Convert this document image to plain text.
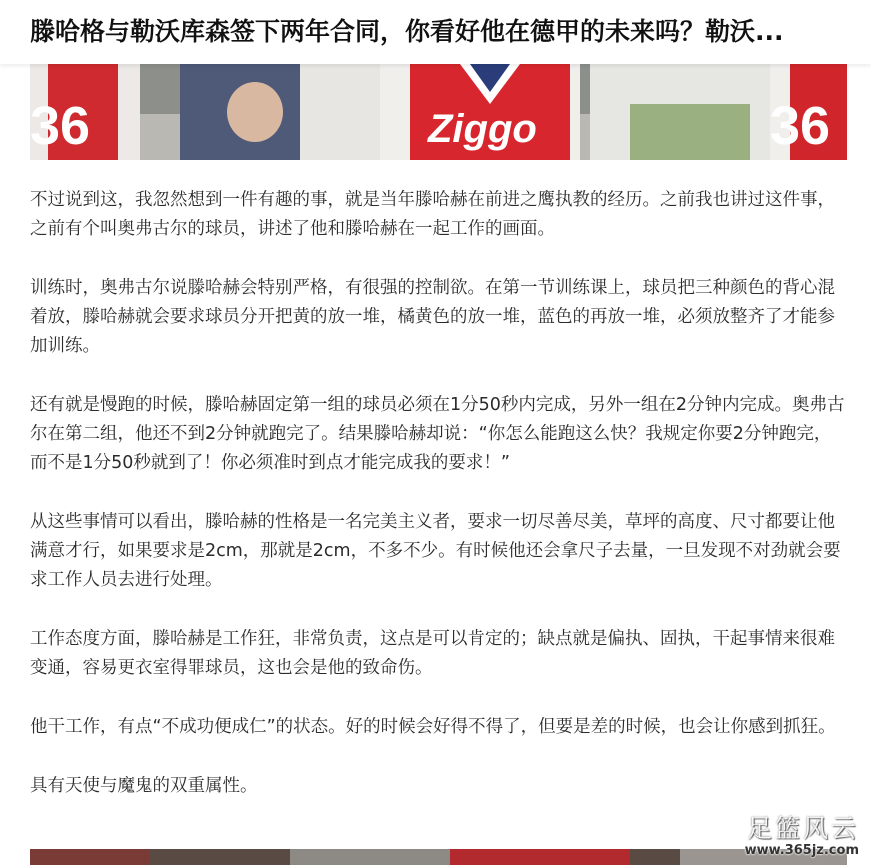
滕哈格与勒沃库森签下两年合同，你看好他在德甲的未来吗？勒沃...
36	36
Ziggo

不过说到这，我忽然想到一件有趣的事，就是当年滕哈赫在前进之鹰执教的经历。之前我也讲过这件事，之前有个叫奥弗古尔的球员，讲述了他和滕哈赫在一起工作的画面。

训练时，奥弗古尔说滕哈赫会特别严格，有很强的控制欲。在第一节训练课上，球员把三种颜色的背心混着放，滕哈赫就会要求球员分开把黄的放一堆，橘黄色的放一堆，蓝色的再放一堆，必须放整齐了才能参加训练。

还有就是慢跑的时候，滕哈赫固定第一组的球员必须在1分50秒内完成，另外一组在2分钟内完成。奥弗古尔在第二组，他还不到2分钟就跑完了。结果滕哈赫却说：“你怎么能跑这么快？我规定你要2分钟跑完，而不是1分50秒就到了！你必须准时到点才能完成我的要求！”

从这些事情可以看出，滕哈赫的性格是一名完美主义者，要求一切尽善尽美，草坪的高度、尺寸都要让他满意才行，如果要求是2cm，那就是2cm，不多不少。有时候他还会拿尺子去量，一旦发现不对劲就会要求工作人员去进行处理。

工作态度方面，滕哈赫是工作狂，非常负责，这点是可以肯定的；缺点就是偏执、固执，干起事情来很难变通，容易更衣室得罪球员，这也会是他的致命伤。

他干工作，有点“不成功便成仁”的状态。好的时候会好得不得了，但要是差的时候，也会让你感到抓狂。

具有天使与魔鬼的双重属性。

足篮风云
www.365jz.com
